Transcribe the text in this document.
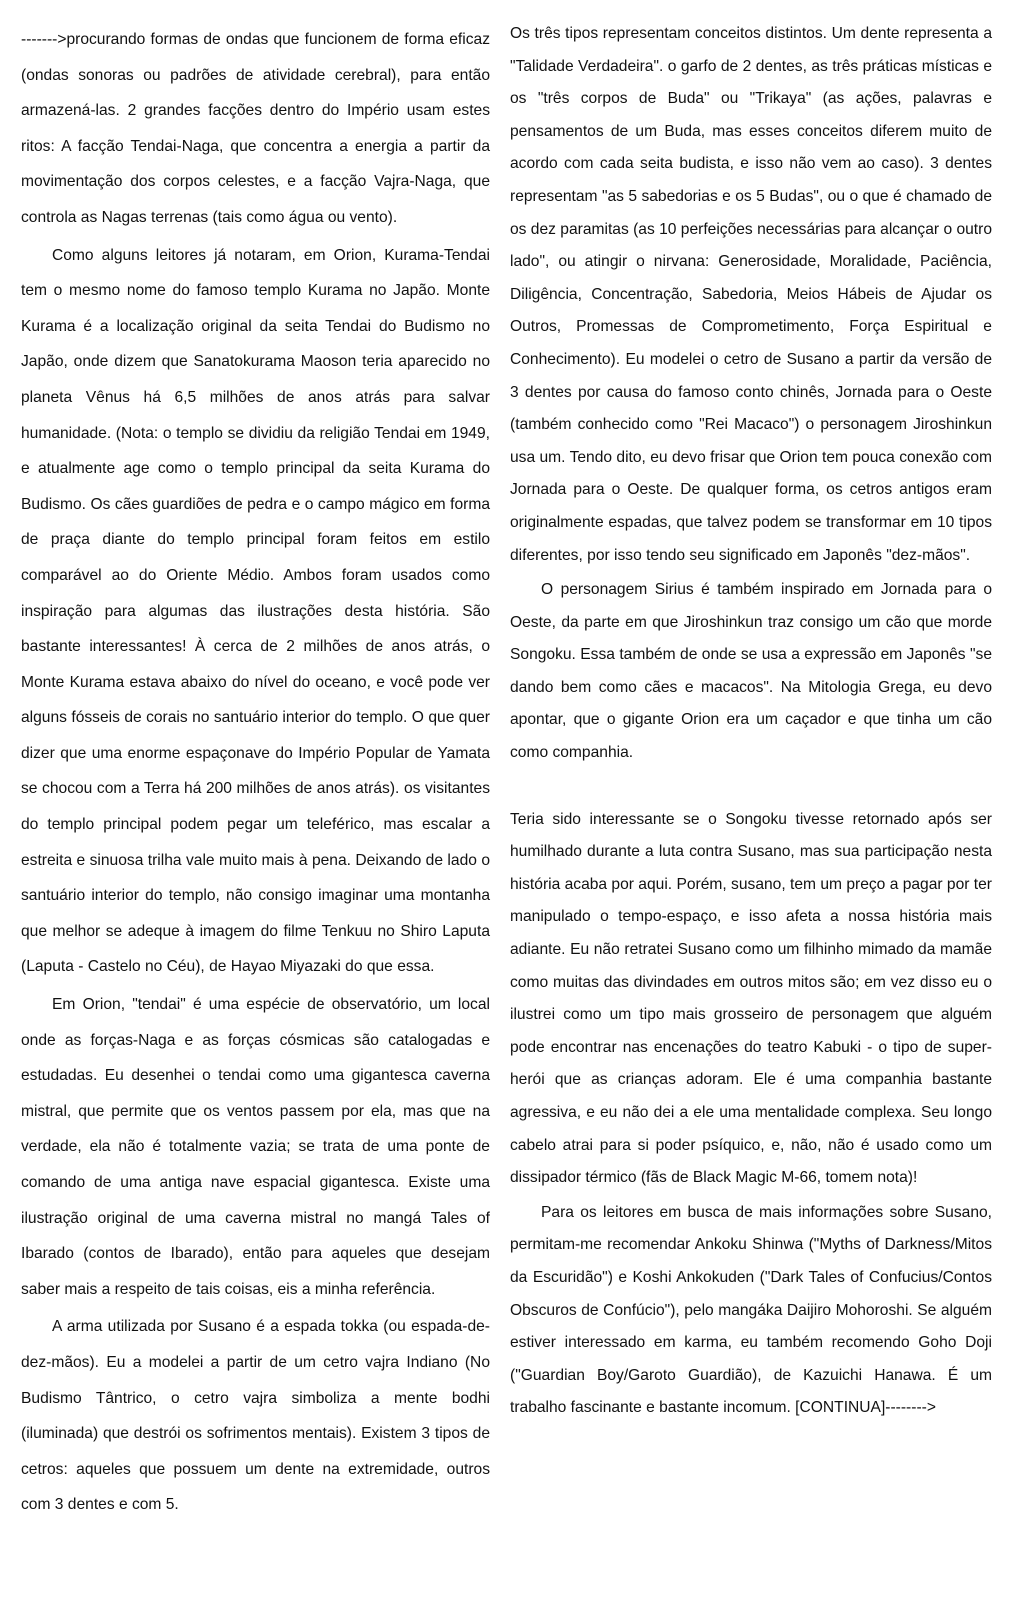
------->procurando formas de ondas que funcionem de forma eficaz (ondas sonoras ou padrões de atividade cerebral), para então armazená-las. 2 grandes facções dentro do Império usam estes ritos: A facção Tendai-Naga, que concentra a energia a partir da movimentação dos corpos celestes, e a facção Vajra-Naga, que controla as Nagas terrenas (tais como água ou vento).

Como alguns leitores já notaram, em Orion, Kurama-Tendai tem o mesmo nome do famoso templo Kurama no Japão. Monte Kurama é a localização original da seita Tendai do Budismo no Japão, onde dizem que Sanatokurama Maoson teria aparecido no planeta Vênus há 6,5 milhões de anos atrás para salvar humanidade. (Nota: o templo se dividiu da religião Tendai em 1949, e atualmente age como o templo principal da seita Kurama do Budismo. Os cães guardiões de pedra e o campo mágico em forma de praça diante do templo principal foram feitos em estilo comparável ao do Oriente Médio. Ambos foram usados como inspiração para algumas das ilustrações desta história. São bastante interessantes! À cerca de 2 milhões de anos atrás, o Monte Kurama estava abaixo do nível do oceano, e você pode ver alguns fósseis de corais no santuário interior do templo. O que quer dizer que uma enorme espaçonave do Império Popular de Yamata se chocou com a Terra há 200 milhões de anos atrás). os visitantes do templo principal podem pegar um teleférico, mas escalar a estreita e sinuosa trilha vale muito mais à pena. Deixando de lado o santuário interior do templo, não consigo imaginar uma montanha que melhor se adeque à imagem do filme Tenkuu no Shiro Laputa (Laputa - Castelo no Céu), de Hayao Miyazaki do que essa.

Em Orion, "tendai" é uma espécie de observatório, um local onde as forças-Naga e as forças cósmicas são catalogadas e estudadas. Eu desenhei o tendai como uma gigantesca caverna mistral, que permite que os ventos passem por ela, mas que na verdade, ela não é totalmente vazia; se trata de uma ponte de comando de uma antiga nave espacial gigantesca. Existe uma ilustração original de uma caverna mistral no mangá Tales of Ibarado (contos de Ibarado), então para aqueles que desejam saber mais a respeito de tais coisas, eis a minha referência.

A arma utilizada por Susano é a espada tokka (ou espada-de-dez-mãos). Eu a modelei a partir de um cetro vajra Indiano (No Budismo Tântrico, o cetro vajra simboliza a mente bodhi (iluminada) que destrói os sofrimentos mentais). Existem 3 tipos de cetros: aqueles que possuem um dente na extremidade, outros com 3 dentes e com 5.

Os três tipos representam conceitos distintos. Um dente representa a "Talidade Verdadeira". o garfo de 2 dentes, as três práticas místicas e os "três corpos de Buda" ou "Trikaya" (as ações, palavras e pensamentos de um Buda, mas esses conceitos diferem muito de acordo com cada seita budista, e isso não vem ao caso). 3 dentes representam "as 5 sabedorias e os 5 Budas", ou o que é chamado de os dez paramitas (as 10 perfeições necessárias para alcançar o outro lado", ou atingir o nirvana: Generosidade, Moralidade, Paciência, Diligência, Concentração, Sabedoria, Meios Hábeis de Ajudar os Outros, Promessas de Comprometimento, Força Espiritual e Conhecimento). Eu modelei o cetro de Susano a partir da versão de 3 dentes por causa do famoso conto chinês, Jornada para o Oeste (também conhecido como "Rei Macaco") o personagem Jiroshinkun usa um. Tendo dito, eu devo frisar que Orion tem pouca conexão com Jornada para o Oeste. De qualquer forma, os cetros antigos eram originalmente espadas, que talvez podem se transformar em 10 tipos diferentes, por isso tendo seu significado em Japonês "dez-mãos".

O personagem Sirius é também inspirado em Jornada para o Oeste, da parte em que Jiroshinkun traz consigo um cão que morde Songoku. Essa também de onde se usa a expressão em Japonês "se dando bem como cães e macacos". Na Mitologia Grega, eu devo apontar, que o gigante Orion era um caçador e que tinha um cão como companhia.

Teria sido interessante se o Songoku tivesse retornado após ser humilhado durante a luta contra Susano, mas sua participação nesta história acaba por aqui. Porém, susano, tem um preço a pagar por ter manipulado o tempo-espaço, e isso afeta a nossa história mais adiante. Eu não retratei Susano como um filhinho mimado da mamãe como muitas das divindades em outros mitos são; em vez disso eu o ilustrei como um tipo mais grosseiro de personagem que alguém pode encontrar nas encenações do teatro Kabuki - o tipo de super-herói que as crianças adoram. Ele é uma companhia bastante agressiva, e eu não dei a ele uma mentalidade complexa. Seu longo cabelo atrai para si poder psíquico, e, não, não é usado como um dissipador térmico (fãs de Black Magic M-66, tomem nota)!

Para os leitores em busca de mais informações sobre Susano, permitam-me recomendar Ankoku Shinwa ("Myths of Darkness/Mitos da Escuridão") e Koshi Ankokuden ("Dark Tales of Confucius/Contos Obscuros de Confúcio"), pelo mangáka Daijiro Mohoroshi. Se alguém estiver interessado em karma, eu também recomendo Goho Doji ("Guardian Boy/Garoto Guardião), de Kazuichi Hanawa. É um trabalho fascinante e bastante incomum. [CONTINUA]-------->
